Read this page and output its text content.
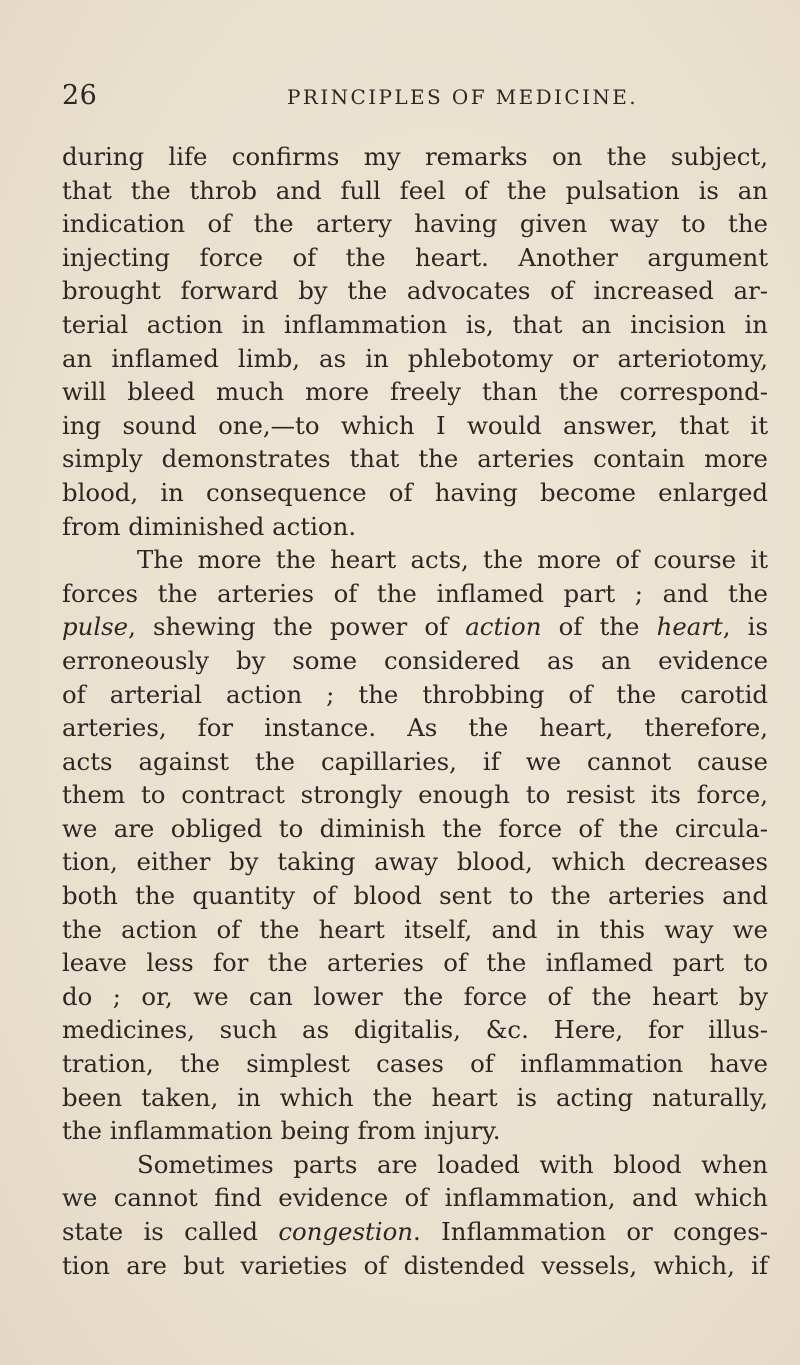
26	PRINCIPLES OF MEDICINE.
during life confirms my remarks on the subject,
that the throb and full feel of the pulsation is an
indication of the artery having given way to the
injecting force of the heart. Another argument
brought forward by the advocates of increased ar-
terial action in inflammation is, that an incision in
an inflamed limb, as in phlebotomy or arteriotomy,
will bleed much more freely than the correspond-
ing sound one,—to which I would answer, that it
simply demonstrates that the arteries contain more
blood, in consequence of having become enlarged
from diminished action.
The more the heart acts, the more of course it
forces the arteries of the inflamed part ; and the
pulse, shewing the power of action of the heart, is
erroneously by some considered as an evidence
of arterial action ; the throbbing of the carotid
arteries, for instance. As the heart, therefore,
acts against the capillaries, if we cannot cause
them to contract strongly enough to resist its force,
we are obliged to diminish the force of the circula-
tion, either by taking away blood, which decreases
both the quantity of blood sent to the arteries and
the action of the heart itself, and in this way we
leave less for the arteries of the inflamed part to
do ; or, we can lower the force of the heart by
medicines, such as digitalis, &c. Here, for illus-
tration, the simplest cases of inflammation have
been taken, in which the heart is acting naturally,
the inflammation being from injury.
Sometimes parts are loaded with blood when
we cannot find evidence of inflammation, and which
state is called congestion. Inflammation or conges-
tion are but varieties of distended vessels, which, if
